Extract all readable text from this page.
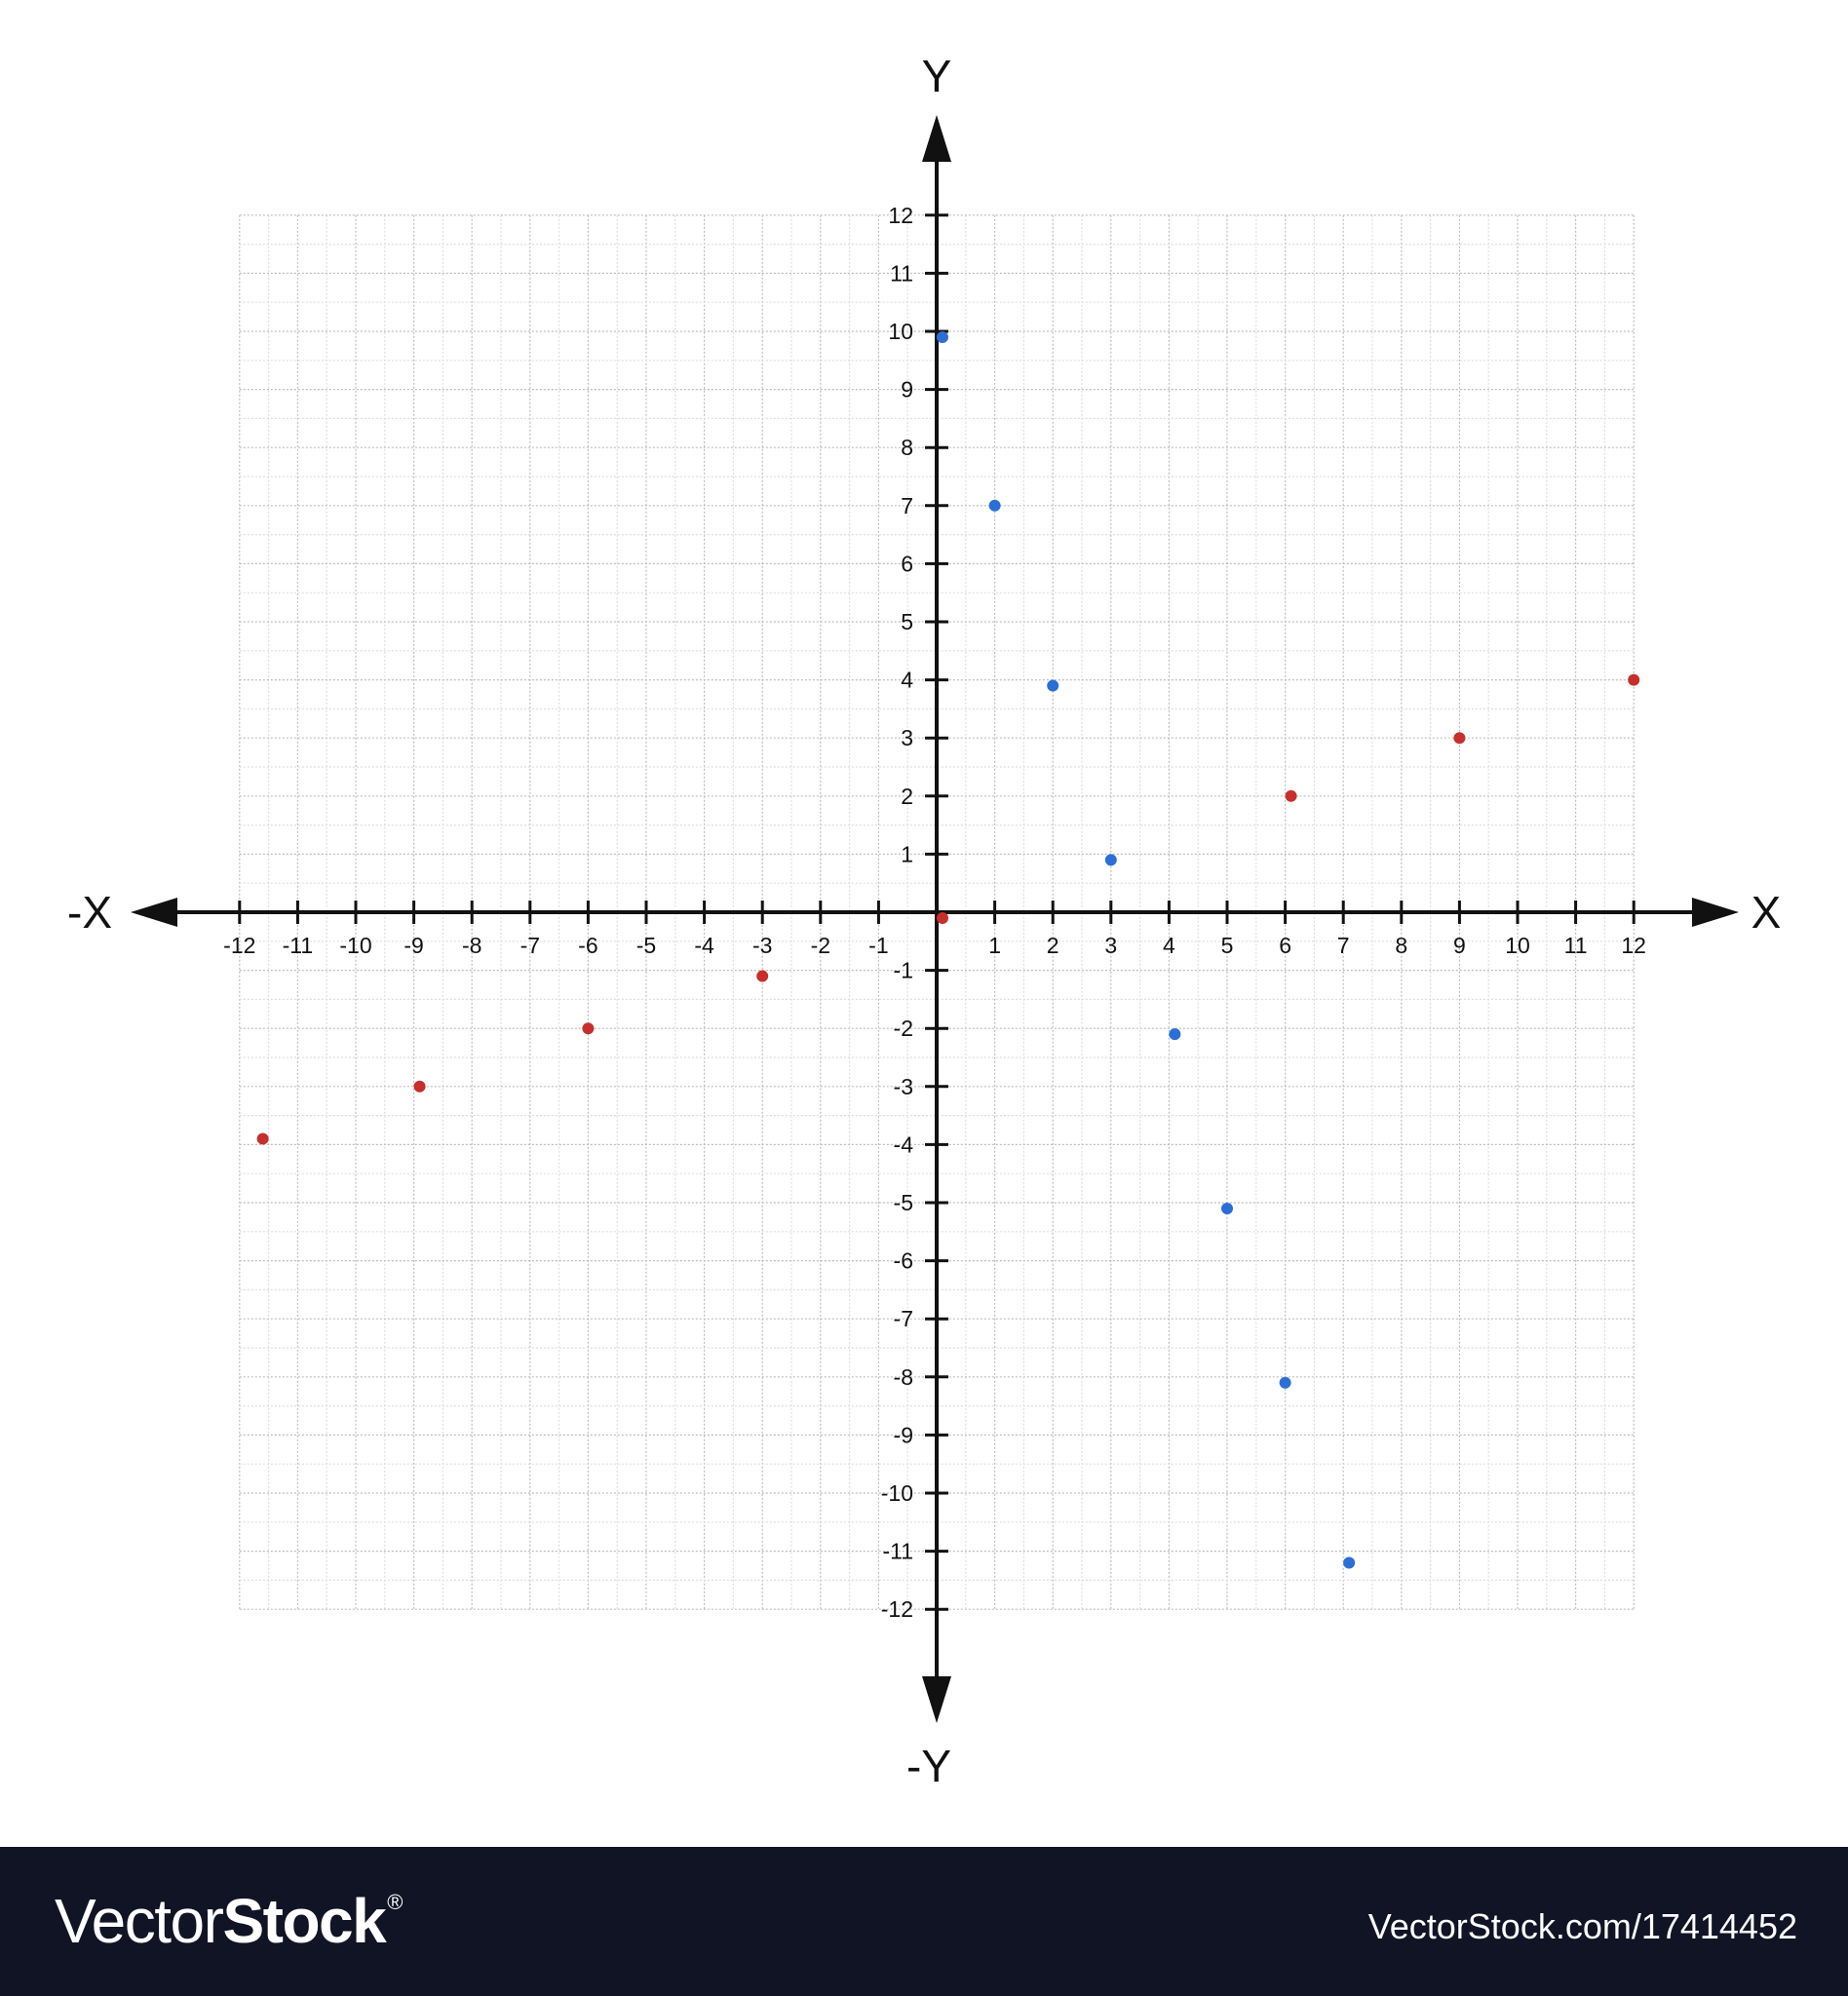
-12 -11 -10 -9 -8 -7 -6 -5 -4 -3 -2 -1	1 2 3 4 5 6 7 8 9 10 11 12
12
11
10
9
8
7
6
5
4
3
2
1
-1
-2
-3
-4
-5
-6
-7
-8
-9
-10
-11
-12
X
-X
Y
-Y
VectorStock®
VectorStock.com/17414452
